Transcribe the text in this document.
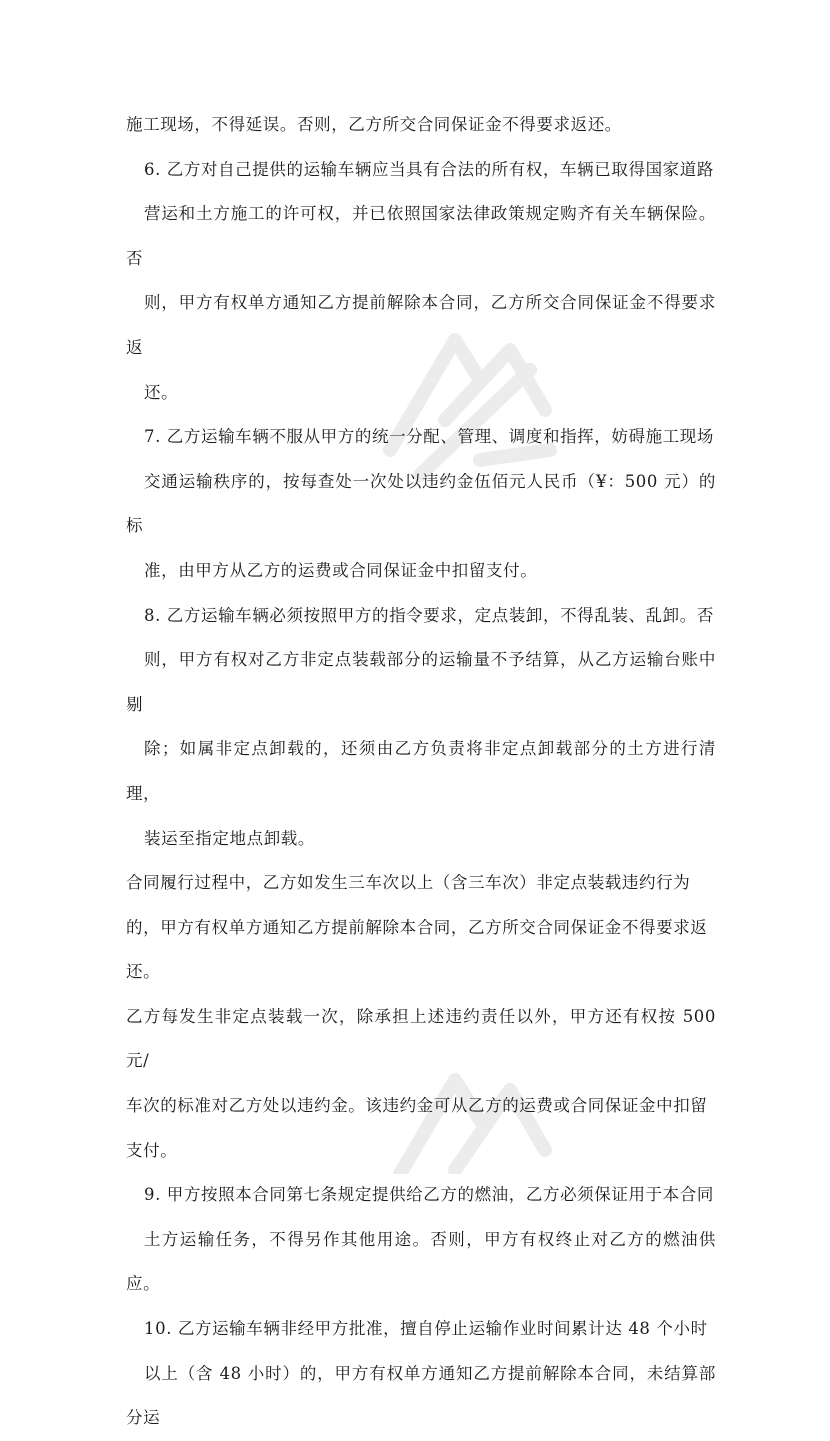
施工现场，不得延误。否则，乙方所交合同保证金不得要求返还。

6. 乙方对自己提供的运输车辆应当具有合法的所有权，车辆已取得国家道路
营运和土方施工的许可权，并已依照国家法律政策规定购齐有关车辆保险。否
则，甲方有权单方通知乙方提前解除本合同，乙方所交合同保证金不得要求返
还。

7. 乙方运输车辆不服从甲方的统一分配、管理、调度和指挥，妨碍施工现场
交通运输秩序的，按每查处一次处以违约金伍佰元人民币（¥：500 元）的标
准，由甲方从乙方的运费或合同保证金中扣留支付。

8. 乙方运输车辆必须按照甲方的指令要求，定点装卸，不得乱装、乱卸。否
则，甲方有权对乙方非定点装载部分的运输量不予结算，从乙方运输台账中剔
除；如属非定点卸载的，还须由乙方负责将非定点卸载部分的土方进行清理，
装运至指定地点卸载。

合同履行过程中，乙方如发生三车次以上（含三车次）非定点装载违约行为
的，甲方有权单方通知乙方提前解除本合同，乙方所交合同保证金不得要求返
还。

乙方每发生非定点装载一次，除承担上述违约责任以外，甲方还有权按 500 元/
车次的标准对乙方处以违约金。该违约金可从乙方的运费或合同保证金中扣留
支付。

9. 甲方按照本合同第七条规定提供给乙方的燃油，乙方必须保证用于本合同
土方运输任务，不得另作其他用途。否则，甲方有权终止对乙方的燃油供应。

10. 乙方运输车辆非经甲方批准，擅自停止运输作业时间累计达 48 个小时
以上（含 48 小时）的，甲方有权单方通知乙方提前解除本合同，未结算部分运
